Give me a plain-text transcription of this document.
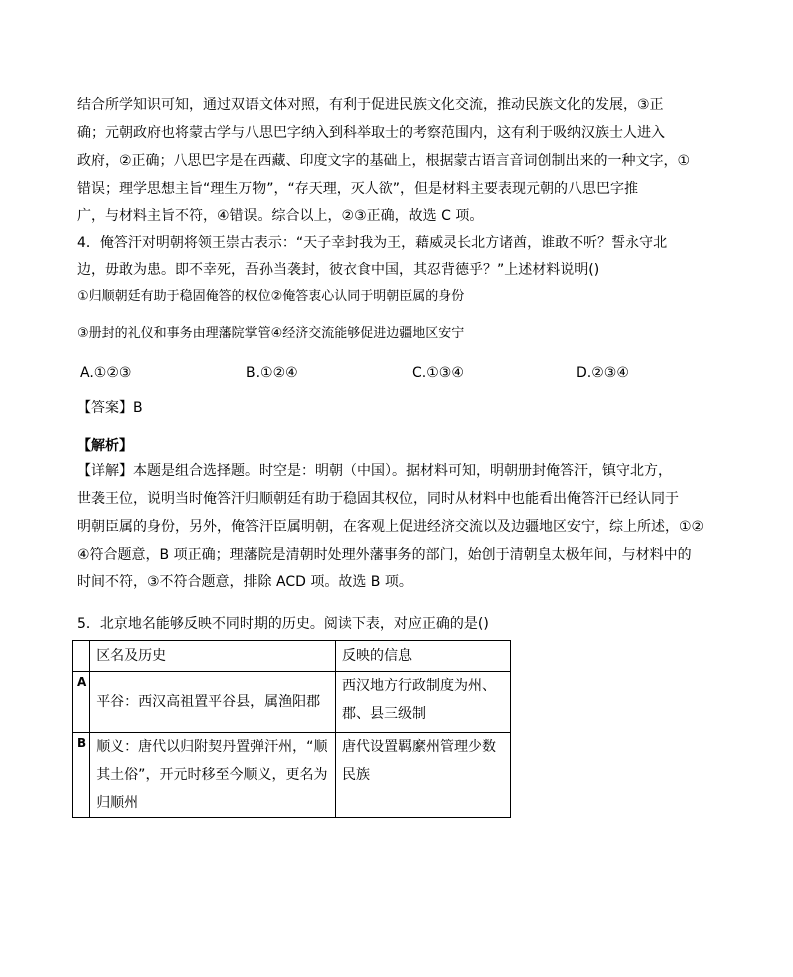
结合所学知识可知，通过双语文体对照，有利于促进民族文化交流，推动民族文化的发展，③正
确；元朝政府也将蒙古学与八思巴字纳入到科举取士的考察范围内，这有利于吸纳汉族士人进入
政府，②正确；八思巴字是在西藏、印度文字的基础上，根据蒙古语言音词创制出来的一种文字，①
错误；理学思想主旨“理生万物”，“存天理，灭人欲”，但是材料主要表现元朝的八思巴字推
广，与材料主旨不符，④错误。综合以上，②③正确，故选 C 项。
4．俺答汗对明朝将领王崇古表示：“天子幸封我为王，藉威灵长北方诸酋，谁敢不听？誓永守北
边，毋敢为患。即不幸死，吾孙当袭封，彼衣食中国，其忍背德乎？”上述材料说明()
①归顺朝廷有助于稳固俺答的权位②俺答衷心认同于明朝臣属的身份
③册封的礼仪和事务由理藩院掌管④经济交流能够促进边疆地区安宁
A.①②③	B.①②④	C.①③④	D.②③④
【答案】B
【解析】
【详解】本题是组合选择题。时空是：明朝（中国）。据材料可知，明朝册封俺答汗，镇守北方，
世袭王位，说明当时俺答汗归顺朝廷有助于稳固其权位，同时从材料中也能看出俺答汗已经认同于
明朝臣属的身份，另外，俺答汗臣属明朝，在客观上促进经济交流以及边疆地区安宁，综上所述，①②
④符合题意，B 项正确；理藩院是清朝时处理外藩事务的部门，始创于清朝皇太极年间，与材料中的
时间不符，③不符合题意，排除 ACD 项。故选 B 项。
5．北京地名能够反映不同时期的历史。阅读下表，对应正确的是()
	区名及历史	反映的信息
A	平谷：西汉高祖置平谷县，属渔阳郡	西汉地方行政制度为州、郡、县三级制
B	顺义：唐代以归附契丹置弹汗州，“顺其土俗”，开元时移至今顺义，更名为归顺州	唐代设置羁縻州管理少数民族
